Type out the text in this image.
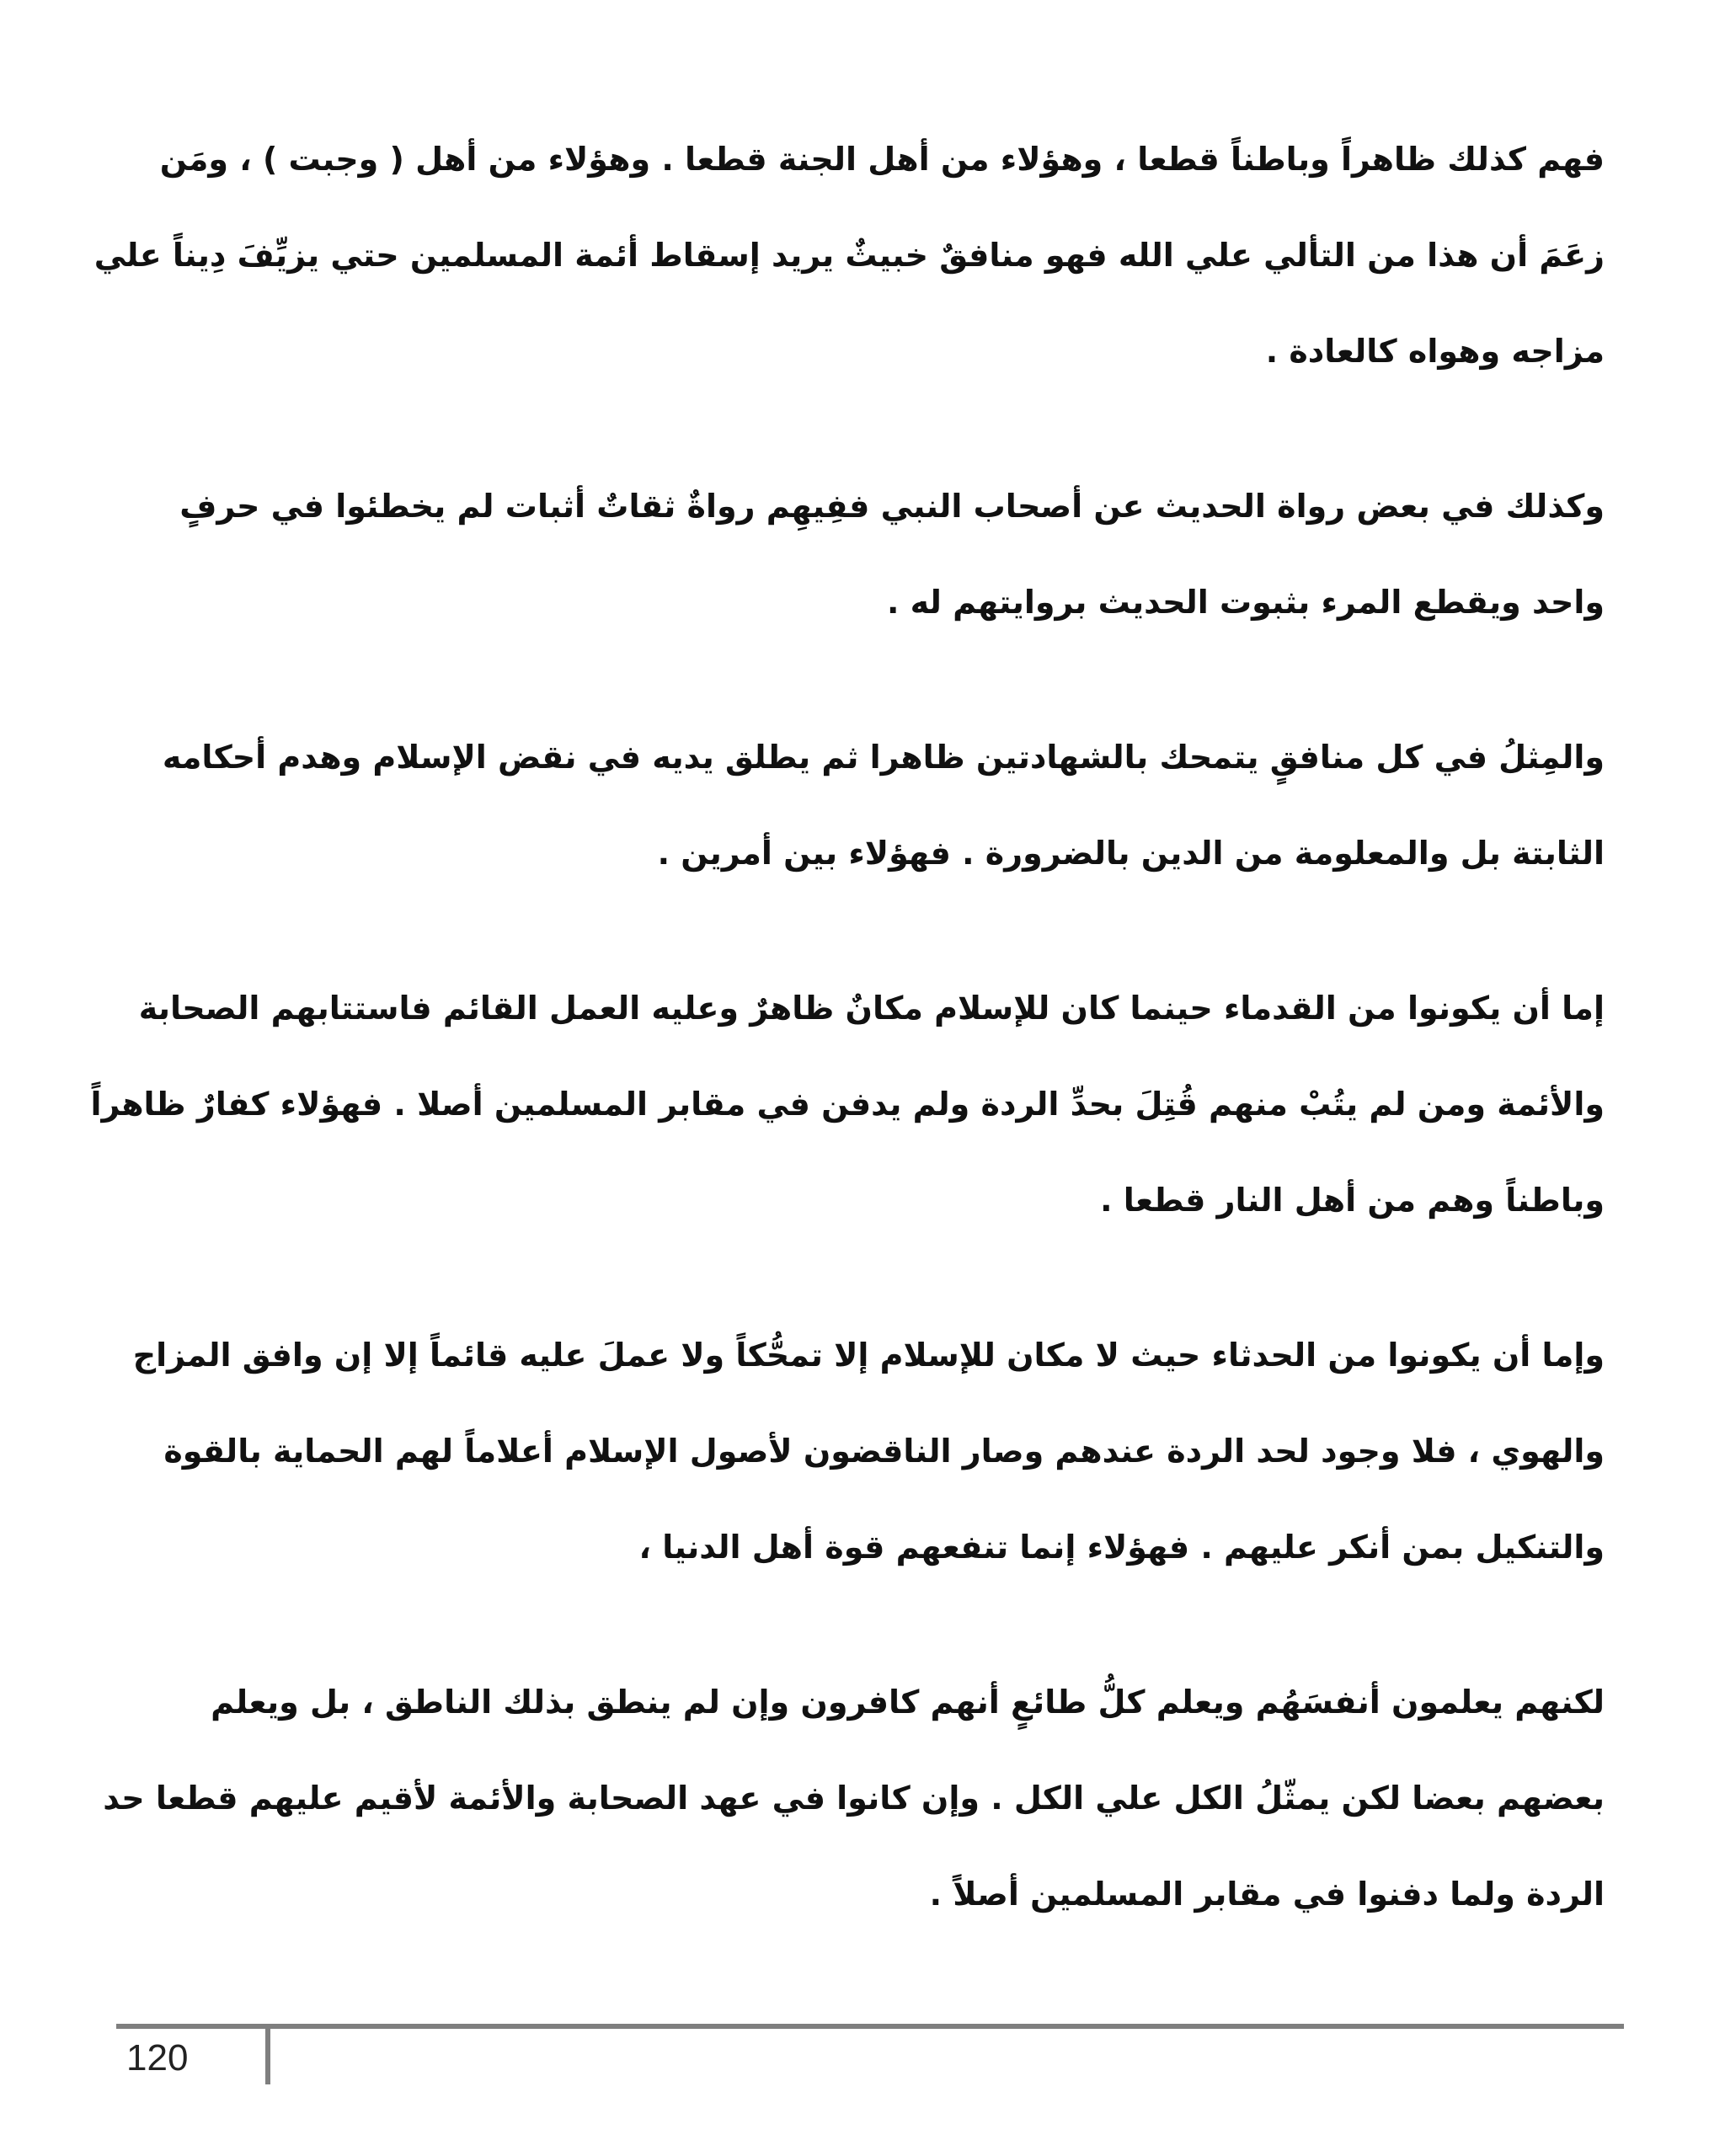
فهم كذلك ظاهراً وباطناً قطعا ، وهؤلاء من أهل الجنة قطعا . وهؤلاء من أهل ( وجبت ) ، ومَن
زعَمَ أن هذا من التألي علي الله فهو منافقٌ خبيثٌ يريد إسقاط أئمة المسلمين حتي يزيِّفَ دِيناً علي
مزاجه وهواه كالعادة .

وكذلك في بعض رواة الحديث عن أصحاب النبي ففِيهِم رواةٌ ثقاتٌ أثبات لم يخطئوا في حرفٍ
واحد ويقطع المرء بثبوت الحديث بروايتهم له .

والمِثلُ في كل منافقٍ يتمحك بالشهادتين ظاهرا ثم يطلق يديه في نقض الإسلام وهدم أحكامه
الثابتة بل والمعلومة من الدين بالضرورة . فهؤلاء بين أمرين .

إما أن يكونوا من القدماء حينما كان للإسلام مكانٌ ظاهرٌ وعليه العمل القائم فاستتابهم الصحابة
والأئمة ومن لم يتُبْ منهم قُتِلَ بحدِّ الردة ولم يدفن في مقابر المسلمين أصلا . فهؤلاء كفارٌ ظاهراً
وباطناً وهم من أهل النار قطعا .

وإما أن يكونوا من الحدثاء حيث لا مكان للإسلام إلا تمحُّكاً ولا عملَ عليه قائماً إلا إن وافق المزاج
والهوي ، فلا وجود لحد الردة عندهم وصار الناقضون لأصول الإسلام أعلاماً لهم الحماية بالقوة
والتنكيل بمن أنكر عليهم . فهؤلاء إنما تنفعهم قوة أهل الدنيا ،

لكنهم يعلمون أنفسَهُم ويعلم كلُّ طائعٍ أنهم كافرون وإن لم ينطق بذلك الناطق ، بل ويعلم
بعضهم بعضا لكن يمثّلُ الكل علي الكل . وإن كانوا في عهد الصحابة والأئمة لأقيم عليهم قطعا حد
الردة ولما دفنوا في مقابر المسلمين أصلاً .

120
